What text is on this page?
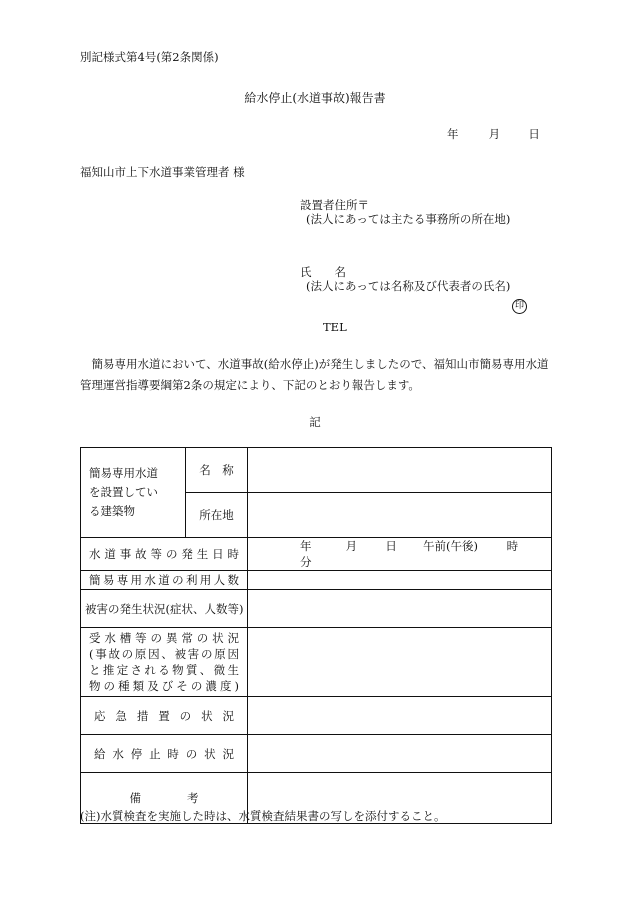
別記様式第4号(第2条関係)
給水停止(水道事故)報告書
年	月 日
福知山市上下水道事業管理者 様
設置者住所〒
(法人にあっては主たる事務所の所在地)
氏　　名
(法人にあっては名称及び代表者の氏名)
印
TEL
　簡易専用水道において、水道事故(給水停止)が発生しましたので、福知山市簡易専用水道管理運営指導要綱第2条の規定により、下記のとおり報告します。
記
簡易専用水道
を設置してい
る建築物	名　称	
	所在地	
水道事故等の発生日時		年 月 日 午前(午後) 時 分
簡易専用水道の利用人数		
被害の発生状況(症状、人数等)		

受水槽等の異常の状況
(事故の原因、被害の原因
と推定される物質、微生
物の種類及びその濃度)		

応急措置の状況		
給水停止時の状況		
備　　　　考		
(注)水質検査を実施した時は、水質検査結果書の写しを添付すること。
